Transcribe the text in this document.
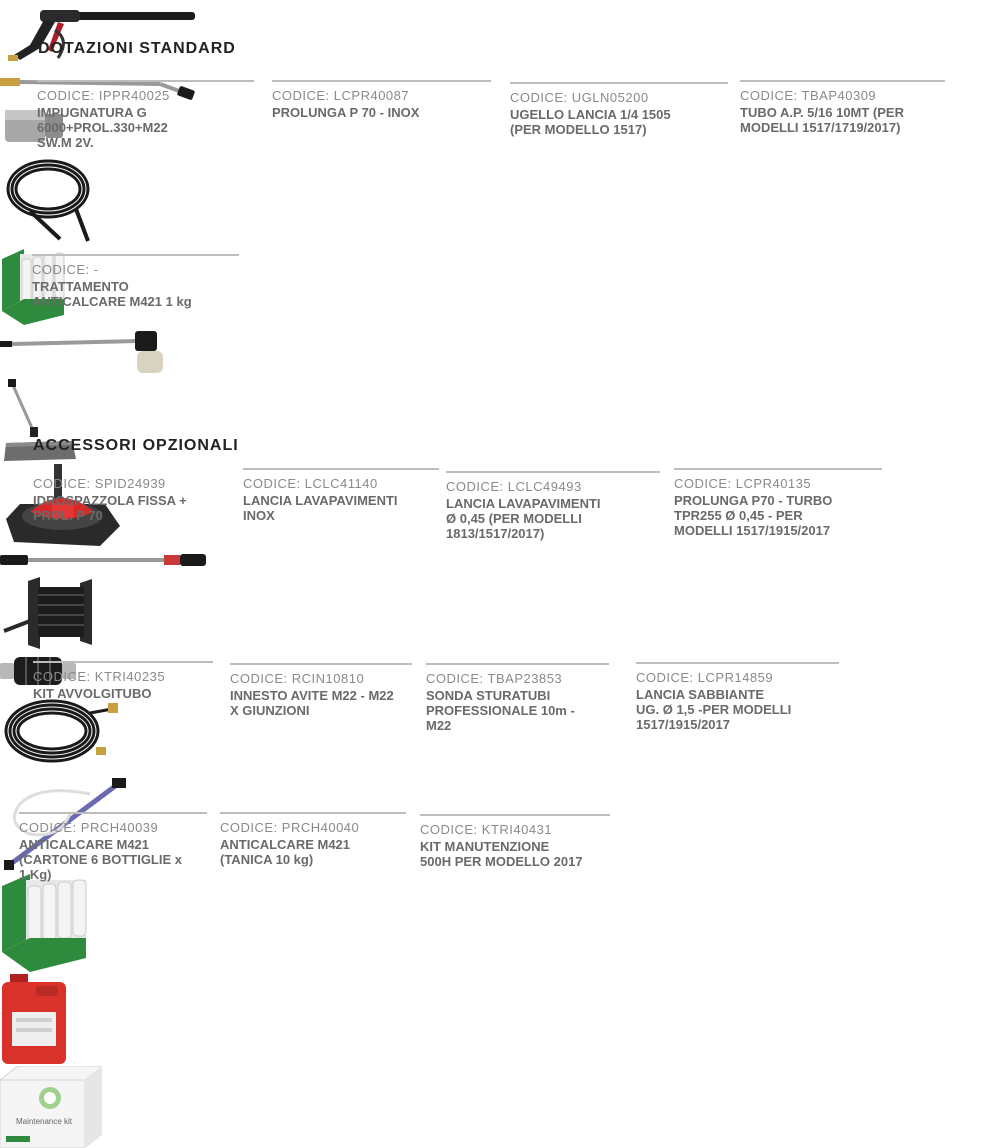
DOTAZIONI STANDARD
ACCESSORI OPZIONALI
CODICE: IPPR40025
IMPUGNATURA G
6000+PROL.330+M22
SW.M 2V.
CODICE: LCPR40087
PROLUNGA P 70 - INOX
CODICE: UGLN05200
UGELLO LANCIA 1/4 1505
(PER MODELLO 1517)
CODICE: TBAP40309
TUBO A.P. 5/16 10MT (PER
MODELLI 1517/1719/2017)
CODICE: -
TRATTAMENTO
ANTICALCARE M421 1 kg
CODICE: SPID24939
IDROSPAZZOLA FISSA +
PROL. P 70
CODICE: LCLC41140
LANCIA LAVAPAVIMENTI
INOX
CODICE: LCLC49493
LANCIA LAVAPAVIMENTI
Ø 0,45 (PER MODELLI
1813/1517/2017)
CODICE: LCPR40135
PROLUNGA P70 - TURBO
TPR255 Ø 0,45 - PER
MODELLI 1517/1915/2017
CODICE: KTRI40235
KIT AVVOLGITUBO
CODICE: RCIN10810
INNESTO AVITE M22 - M22
X GIUNZIONI
CODICE: TBAP23853
SONDA STURATUBI
PROFESSIONALE 10m -
M22
CODICE: LCPR14859
LANCIA SABBIANTE
UG. Ø 1,5 -PER MODELLI
1517/1915/2017
CODICE: PRCH40039
ANTICALCARE M421
(CARTONE 6 BOTTIGLIE x
1 Kg)
CODICE: PRCH40040
ANTICALCARE M421
(TANICA 10 kg)
CODICE: KTRI40431
KIT MANUTENZIONE
500H PER MODELLO 2017
Maintenance kit
